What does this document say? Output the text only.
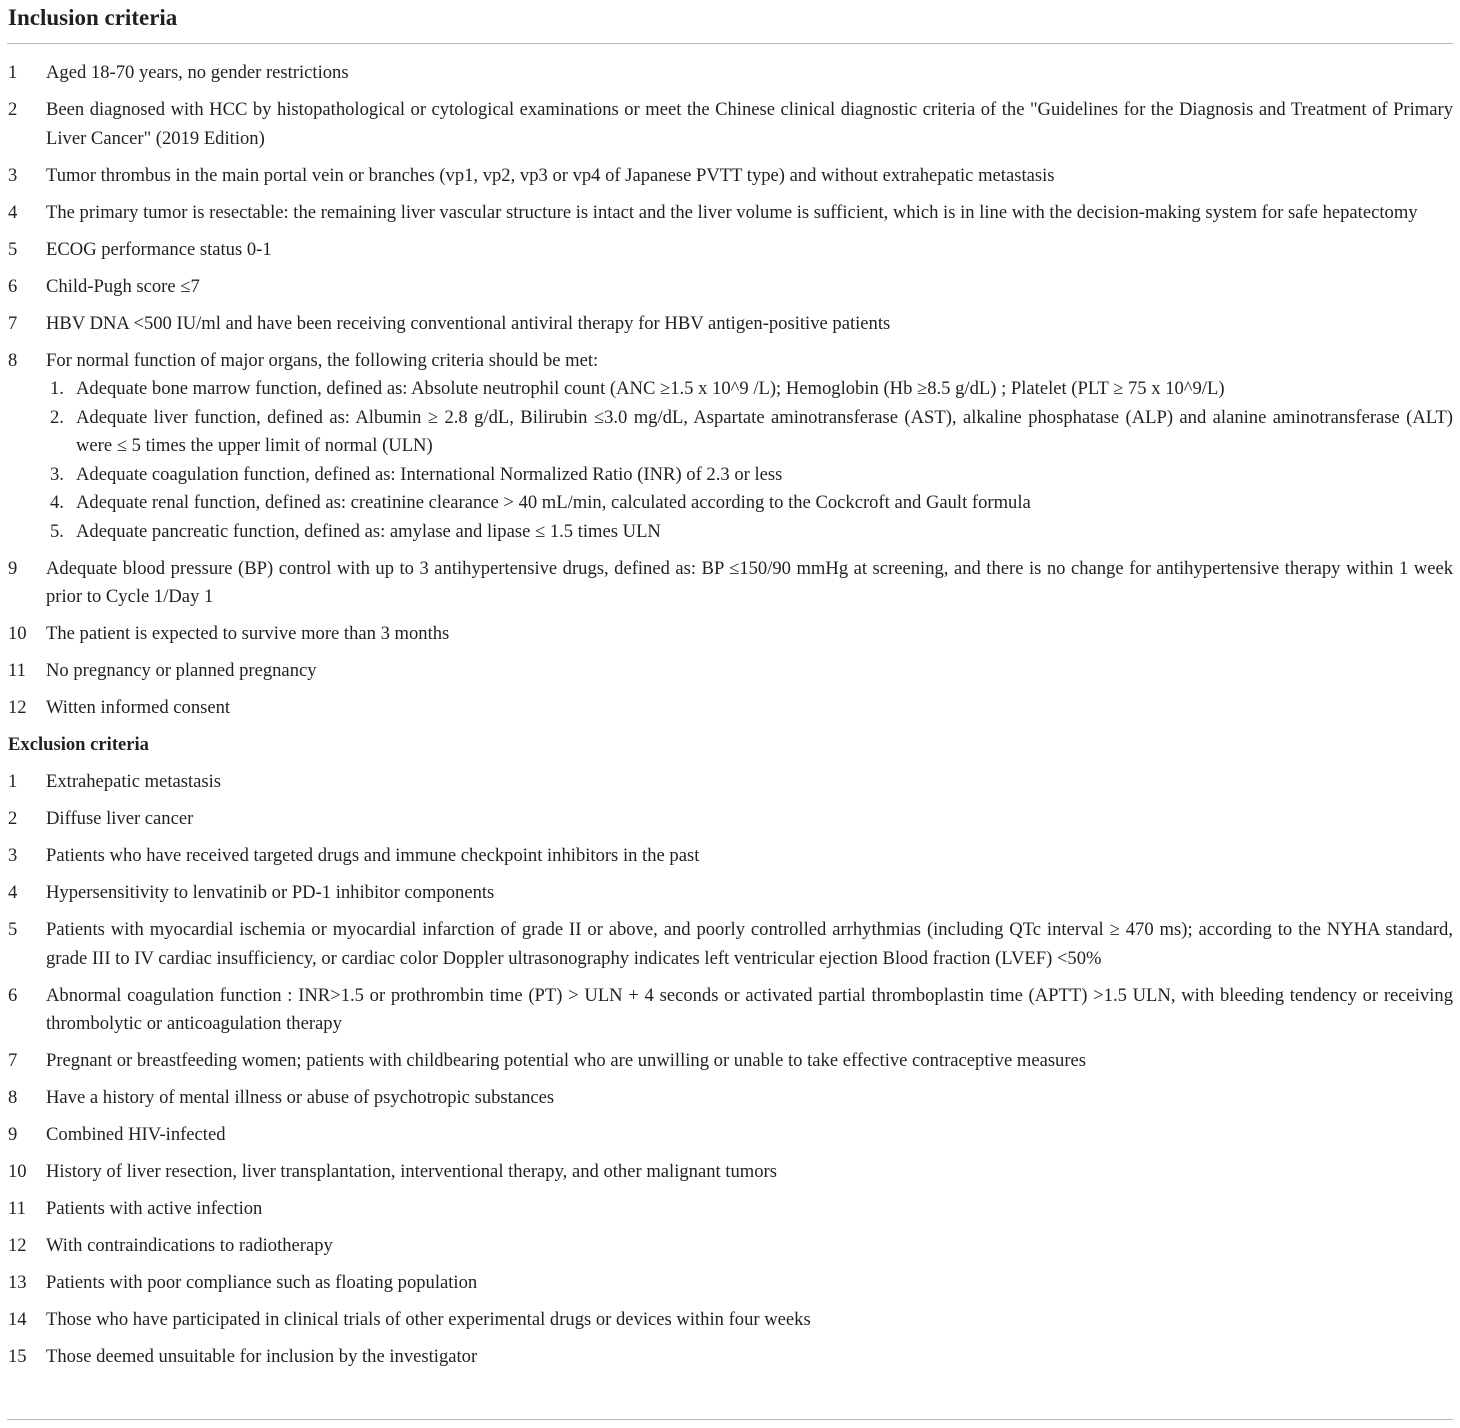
Inclusion criteria
1	Aged 18-70 years, no gender restrictions
2	Been diagnosed with HCC by histopathological or cytological examinations or meet the Chinese clinical diagnostic criteria of the "Guidelines for the Diagnosis and Treatment of Primary Liver Cancer" (2019 Edition)
3	Tumor thrombus in the main portal vein or branches (vp1, vp2, vp3 or vp4 of Japanese PVTT type) and without extrahepatic metastasis
4	The primary tumor is resectable: the remaining liver vascular structure is intact and the liver volume is sufficient, which is in line with the decision-making system for safe hepatectomy
5	ECOG performance status 0-1
6	Child-Pugh score ≤7
7	HBV DNA <500 IU/ml and have been receiving conventional antiviral therapy for HBV antigen-positive patients
8	For normal function of major organs, the following criteria should be met:
1. Adequate bone marrow function, defined as: Absolute neutrophil count (ANC ≥1.5 x 10^9 /L); Hemoglobin (Hb ≥8.5 g/dL) ; Platelet (PLT ≥ 75 x 10^9/L)
2. Adequate liver function, defined as: Albumin ≥ 2.8 g/dL, Bilirubin ≤3.0 mg/dL, Aspartate aminotransferase (AST), alkaline phosphatase (ALP) and alanine aminotransferase (ALT) were ≤ 5 times the upper limit of normal (ULN)
3. Adequate coagulation function, defined as: International Normalized Ratio (INR) of 2.3 or less
4. Adequate renal function, defined as: creatinine clearance > 40 mL/min, calculated according to the Cockcroft and Gault formula
5. Adequate pancreatic function, defined as: amylase and lipase ≤ 1.5 times ULN
9	Adequate blood pressure (BP) control with up to 3 antihypertensive drugs, defined as: BP ≤150/90 mmHg at screening, and there is no change for antihypertensive therapy within 1 week prior to Cycle 1/Day 1
10	The patient is expected to survive more than 3 months
11	No pregnancy or planned pregnancy
12	Witten informed consent
Exclusion criteria
1	Extrahepatic metastasis
2	Diffuse liver cancer
3	Patients who have received targeted drugs and immune checkpoint inhibitors in the past
4	Hypersensitivity to lenvatinib or PD-1 inhibitor components
5	Patients with myocardial ischemia or myocardial infarction of grade II or above, and poorly controlled arrhythmias (including QTc interval ≥ 470 ms); according to the NYHA standard, grade III to IV cardiac insufficiency, or cardiac color Doppler ultrasonography indicates left ventricular ejection Blood fraction (LVEF) <50%
6	Abnormal coagulation function : INR>1.5 or prothrombin time (PT) > ULN + 4 seconds or activated partial thromboplastin time (APTT) >1.5 ULN, with bleeding tendency or receiving thrombolytic or anticoagulation therapy
7	Pregnant or breastfeeding women; patients with childbearing potential who are unwilling or unable to take effective contraceptive measures
8	Have a history of mental illness or abuse of psychotropic substances
9	Combined HIV-infected
10	History of liver resection, liver transplantation, interventional therapy, and other malignant tumors
11	Patients with active infection
12	With contraindications to radiotherapy
13	Patients with poor compliance such as floating population
14	Those who have participated in clinical trials of other experimental drugs or devices within four weeks
15	Those deemed unsuitable for inclusion by the investigator
